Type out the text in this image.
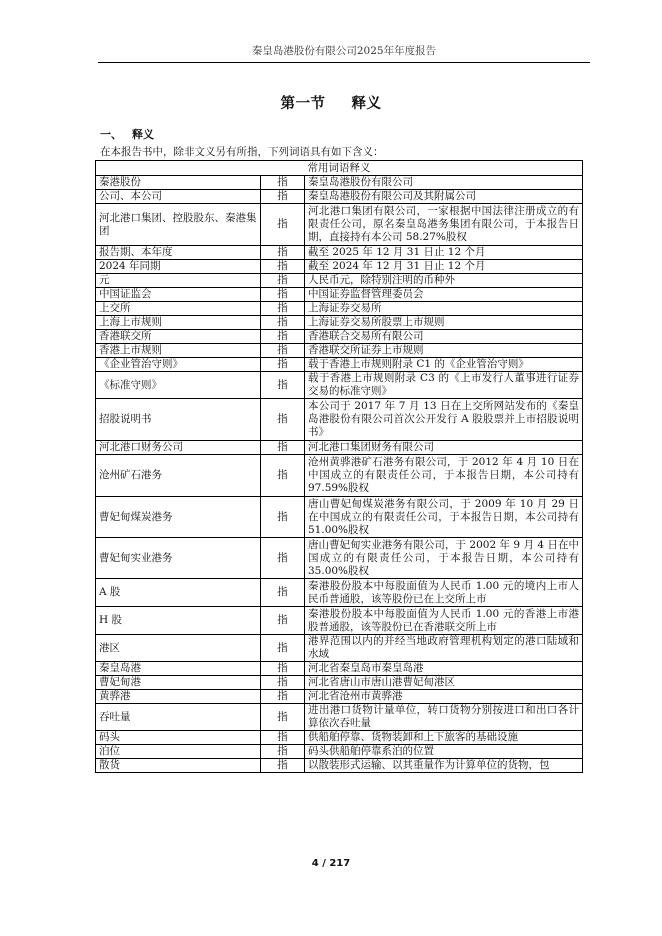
秦皇岛港股份有限公司2025年年度报告
第一节 释义
一、 释义
在本报告书中，除非文义另有所指，下列词语具有如下含义：
常用词语释义		
秦港股份	指	秦皇岛港股份有限公司
公司、本公司	指	秦皇岛港股份有限公司及其附属公司
河北港口集团、控股股东、秦港集团	指	河北港口集团有限公司，一家根据中国法律注册成立的有限责任公司，原名秦皇岛港务集团有限公司，于本报告日期，直接持有本公司 58.27%股权
报告期、本年度	指	截至 2025 年 12 月 31 日止 12 个月
2024 年同期	指	截至 2024 年 12 月 31 日止 12 个月
元	指	人民币元，除特别注明的币种外
中国证监会	指	中国证券监督管理委员会
上交所	指	上海证券交易所
上海上市规则	指	上海证券交易所股票上市规则
香港联交所	指	香港联合交易所有限公司
香港上市规则	指	香港联交所证券上市规则
《企业管治守则》	指	载于香港上市规则附录 C1 的《企业管治守则》
《标准守则》	指	载于香港上市规则附录 C3 的《上市发行人董事进行证券交易的标准守则》
招股说明书	指	本公司于 2017 年 7 月 13 日在上交所网站发布的《秦皇岛港股份有限公司首次公开发行 A 股股票并上市招股说明书》
河北港口财务公司	指	河北港口集团财务有限公司
沧州矿石港务	指	沧州黄骅港矿石港务有限公司，于 2012 年 4 月 10 日在中国成立的有限责任公司，于本报告日期，本公司持有 97.59%股权
曹妃甸煤炭港务	指	唐山曹妃甸煤炭港务有限公司，于 2009 年 10 月 29 日在中国成立的有限责任公司，于本报告日期，本公司持有 51.00%股权
曹妃甸实业港务	指	唐山曹妃甸实业港务有限公司，于 2002 年 9 月 4 日在中国成立的有限责任公司，于本报告日期，本公司持有 35.00%股权
A 股	指	秦港股份股本中每股面值为人民币 1.00 元的境内上市人民币普通股，该等股份已在上交所上市
H 股	指	秦港股份股本中每股面值为人民币 1.00 元的香港上市港股普通股，该等股份已在香港联交所上市
港区	指	港界范围以内的并经当地政府管理机构划定的港口陆域和水域
秦皇岛港	指	河北省秦皇岛市秦皇岛港
曹妃甸港	指	河北省唐山市唐山港曹妃甸港区
黄骅港	指	河北省沧州市黄骅港
吞吐量	指	进出港口货物计量单位，转口货物分别按进口和出口各计算依次吞吐量
码头	指	供船舶停靠、货物装卸和上下旅客的基础设施
泊位	指	码头供船舶停靠系泊的位置
散货	指	以散装形式运输、以其重量作为计算单位的货物，包
4 / 217
